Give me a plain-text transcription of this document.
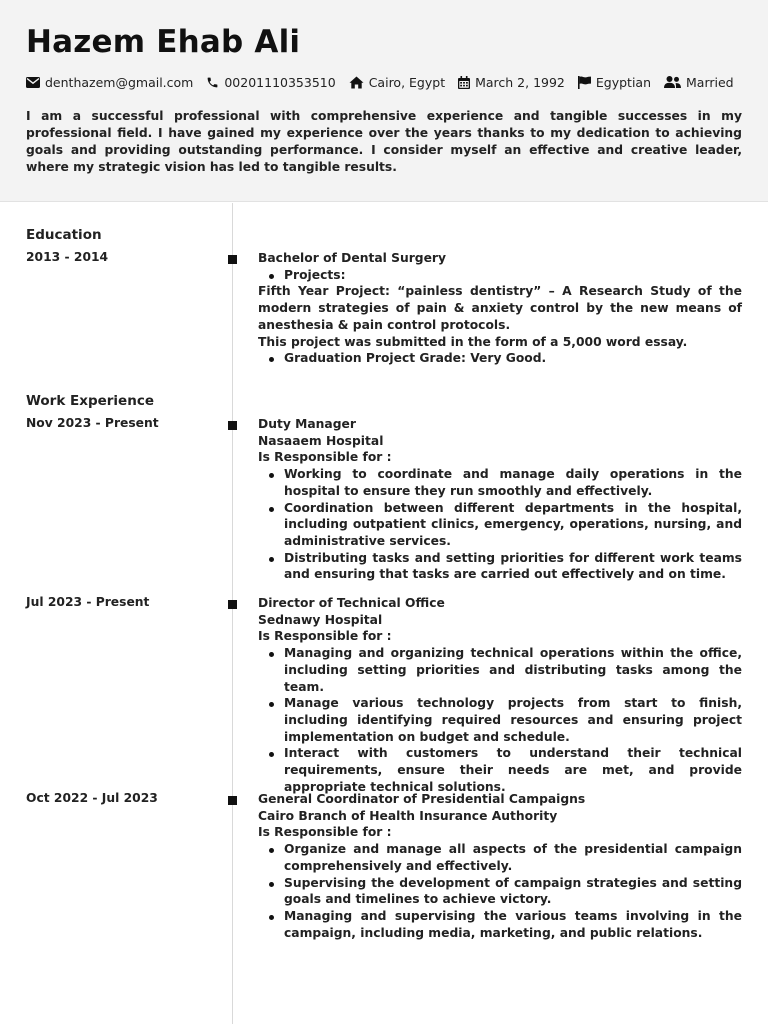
Hazem Ehab Ali
denthazem@gmail.com 00201110353510	Cairo, Egypt March 2, 1992 Egyptian	Married

I am a successful professional with comprehensive experience and tangible successes in my professional field. I have gained my experience over the years thanks to my dedication to achieving goals and providing outstanding performance. I consider myself an effective and creative leader, where my strategic vision has led to tangible results.

Education
2013 - 2014	Bachelor of Dental Surgery

Projects:

Fifth Year Project: “painless dentistry” – A Research Study of the modern strategies of pain & anxiety control by the new means of anesthesia & pain control protocols.

This project was submitted in the form of a 5,000 word essay.

Graduation Project Grade: Very Good.
Work Experience
Nov 2023 - Present	Duty Manager

Nasaaem Hospital

Is Responsible for :

Working to coordinate and manage daily operations in the hospital to ensure they run smoothly and effectively.
Coordination between different departments in the hospital, including outpatient clinics, emergency, operations, nursing, and administrative services.
Distributing tasks and setting priorities for different work teams and ensuring that tasks are carried out effectively and on time.
Jul 2023 - Present	Director of Technical Office

Sednawy Hospital

Is Responsible for :

Managing and organizing technical operations within the office, including setting priorities and distributing tasks among the team.
Manage various technology projects from start to finish, including identifying required resources and ensuring project implementation on budget and schedule.
Interact with customers to understand their technical requirements, ensure their needs are met, and provide appropriate technical solutions.
Oct 2022 - Jul 2023	General Coordinator of Presidential Campaigns

Cairo Branch of Health Insurance Authority

Is Responsible for :

Organize and manage all aspects of the presidential campaign comprehensively and effectively.
Supervising the development of campaign strategies and setting goals and timelines to achieve victory.
Managing and supervising the various teams involving in the campaign, including media, marketing, and public relations.
